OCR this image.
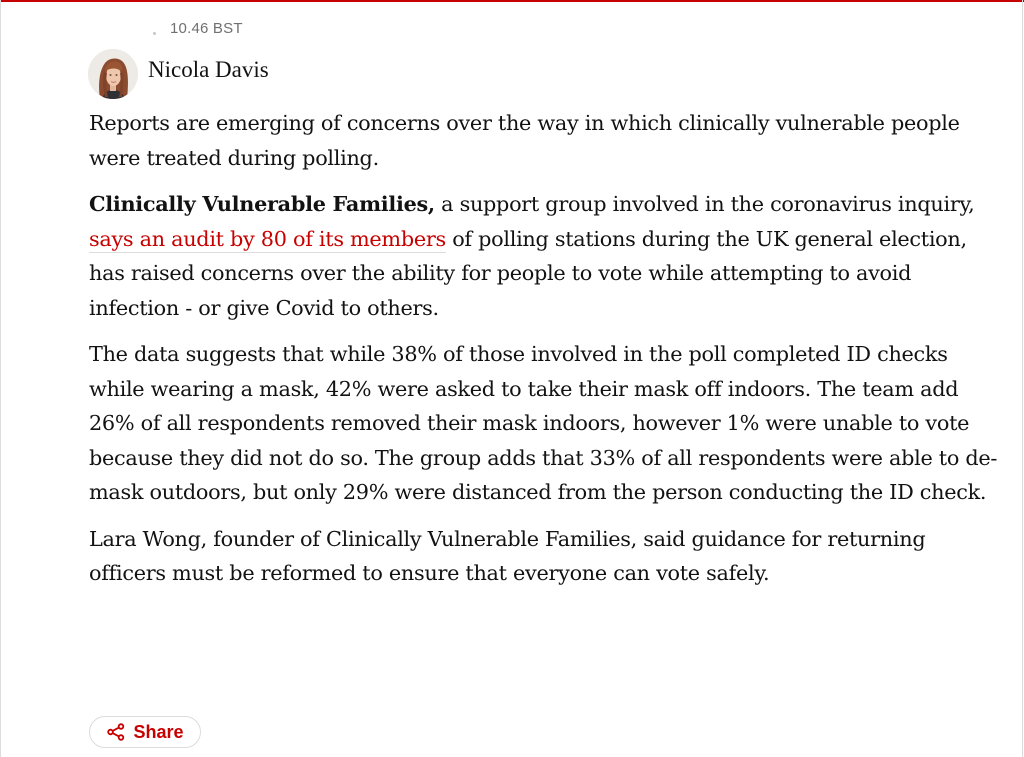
10.46 BST
Nicola Davis

Reports are emerging of concerns over the way in which clinically vulnerable people were treated during polling.

Clinically Vulnerable Families, a support group involved in the coronavirus inquiry, says an audit by 80 of its members of polling stations during the UK general election, has raised concerns over the ability for people to vote while attempting to avoid infection - or give Covid to others.

The data suggests that while 38% of those involved in the poll completed ID checks while wearing a mask, 42% were asked to take their mask off indoors. The team add 26% of all respondents removed their mask indoors, however 1% were unable to vote because they did not do so. The group adds that 33% of all respondents were able to de-mask outdoors, but only 29% were distanced from the person conducting the ID check.

Lara Wong, founder of Clinically Vulnerable Families, said guidance for returning officers must be reformed to ensure that everyone can vote safely.

Share
